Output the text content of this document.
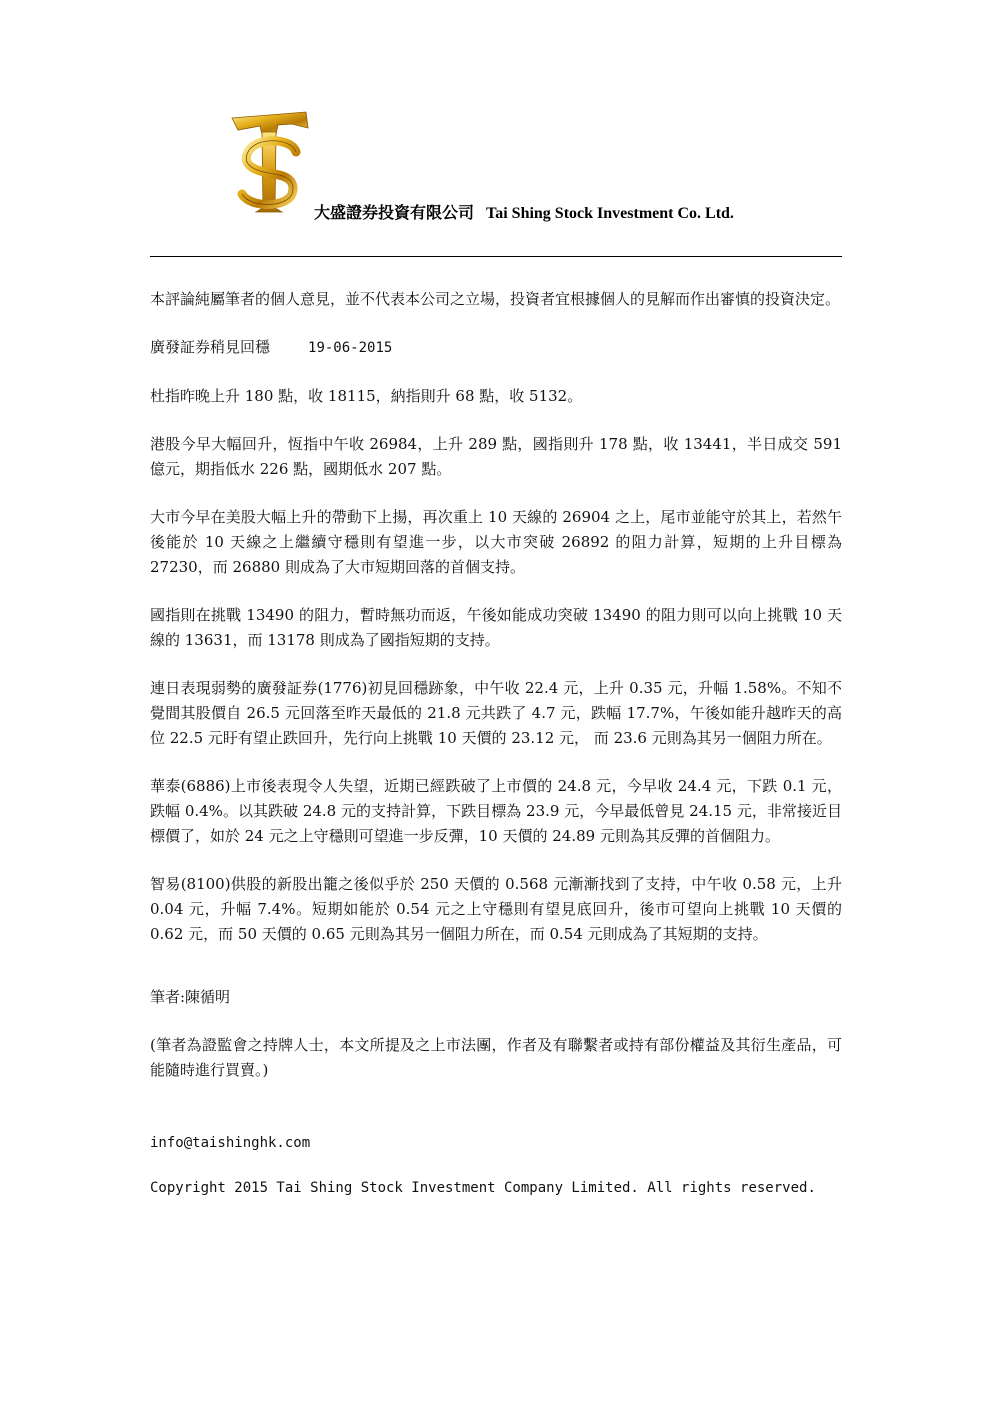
TS
大盛證券投資有限公司 Tai Shing Stock Investment Co. Ltd.

本評論純屬筆者的個人意見，並不代表本公司之立場，投資者宜根據個人的見解而作出審慎的投資決定。

廣發証券稍見回穩	19-06-2015

杜指昨晚上升 180 點，收 18115，納指則升 68 點，收 5132。

港股今早大幅回升，恆指中午收 26984，上升 289 點，國指則升 178 點，收 13441，半日成交 591 億元，期指低水 226 點，國期低水 207 點。

大市今早在美股大幅上升的帶動下上揚，再次重上 10 天線的 26904 之上，尾市並能守於其上，若然午後能於 10 天線之上繼續守穩則有望進一步，以大市突破 26892 的阻力計算，短期的上升目標為 27230，而 26880 則成為了大市短期回落的首個支持。

國指則在挑戰 13490 的阻力，暫時無功而返，午後如能成功突破 13490 的阻力則可以向上挑戰 10 天線的 13631，而 13178 則成為了國指短期的支持。

連日表現弱勢的廣發証券(1776)初見回穩跡象，中午收 22.4 元，上升 0.35 元，升幅 1.58%。不知不覺間其股價自 26.5 元回落至昨天最低的 21.8 元共跌了 4.7 元，跌幅 17.7%，午後如能升越昨天的高位 22.5 元盱有望止跌回升，先行向上挑戰 10 天價的 23.12 元， 而 23.6 元則為其另一個阻力所在。

華泰(6886)上市後表現令人失望，近期已經跌破了上市價的 24.8 元，今早收 24.4 元，下跌 0.1 元，跌幅 0.4%。以其跌破 24.8 元的支持計算，下跌目標為 23.9 元，今早最低曾見 24.15 元，非常接近目標價了，如於 24 元之上守穩則可望進一步反彈，10 天價的 24.89 元則為其反彈的首個阻力。

智易(8100)供股的新股出籠之後似乎於 250 天價的 0.568 元漸漸找到了支持，中午收 0.58 元，上升 0.04 元，升幅 7.4%。短期如能於 0.54 元之上守穩則有望見底回升，後市可望向上挑戰 10 天價的 0.62 元，而 50 天價的 0.65 元則為其另一個阻力所在，而 0.54 元則成為了其短期的支持。

筆者:陳循明

(筆者為證監會之持牌人士，本文所提及之上市法團，作者及有聯繫者或持有部份權益及其衍生產品，可能隨時進行買賣。)

info@taishinghk.com

Copyright 2015 Tai Shing Stock Investment Company Limited. All rights reserved.
